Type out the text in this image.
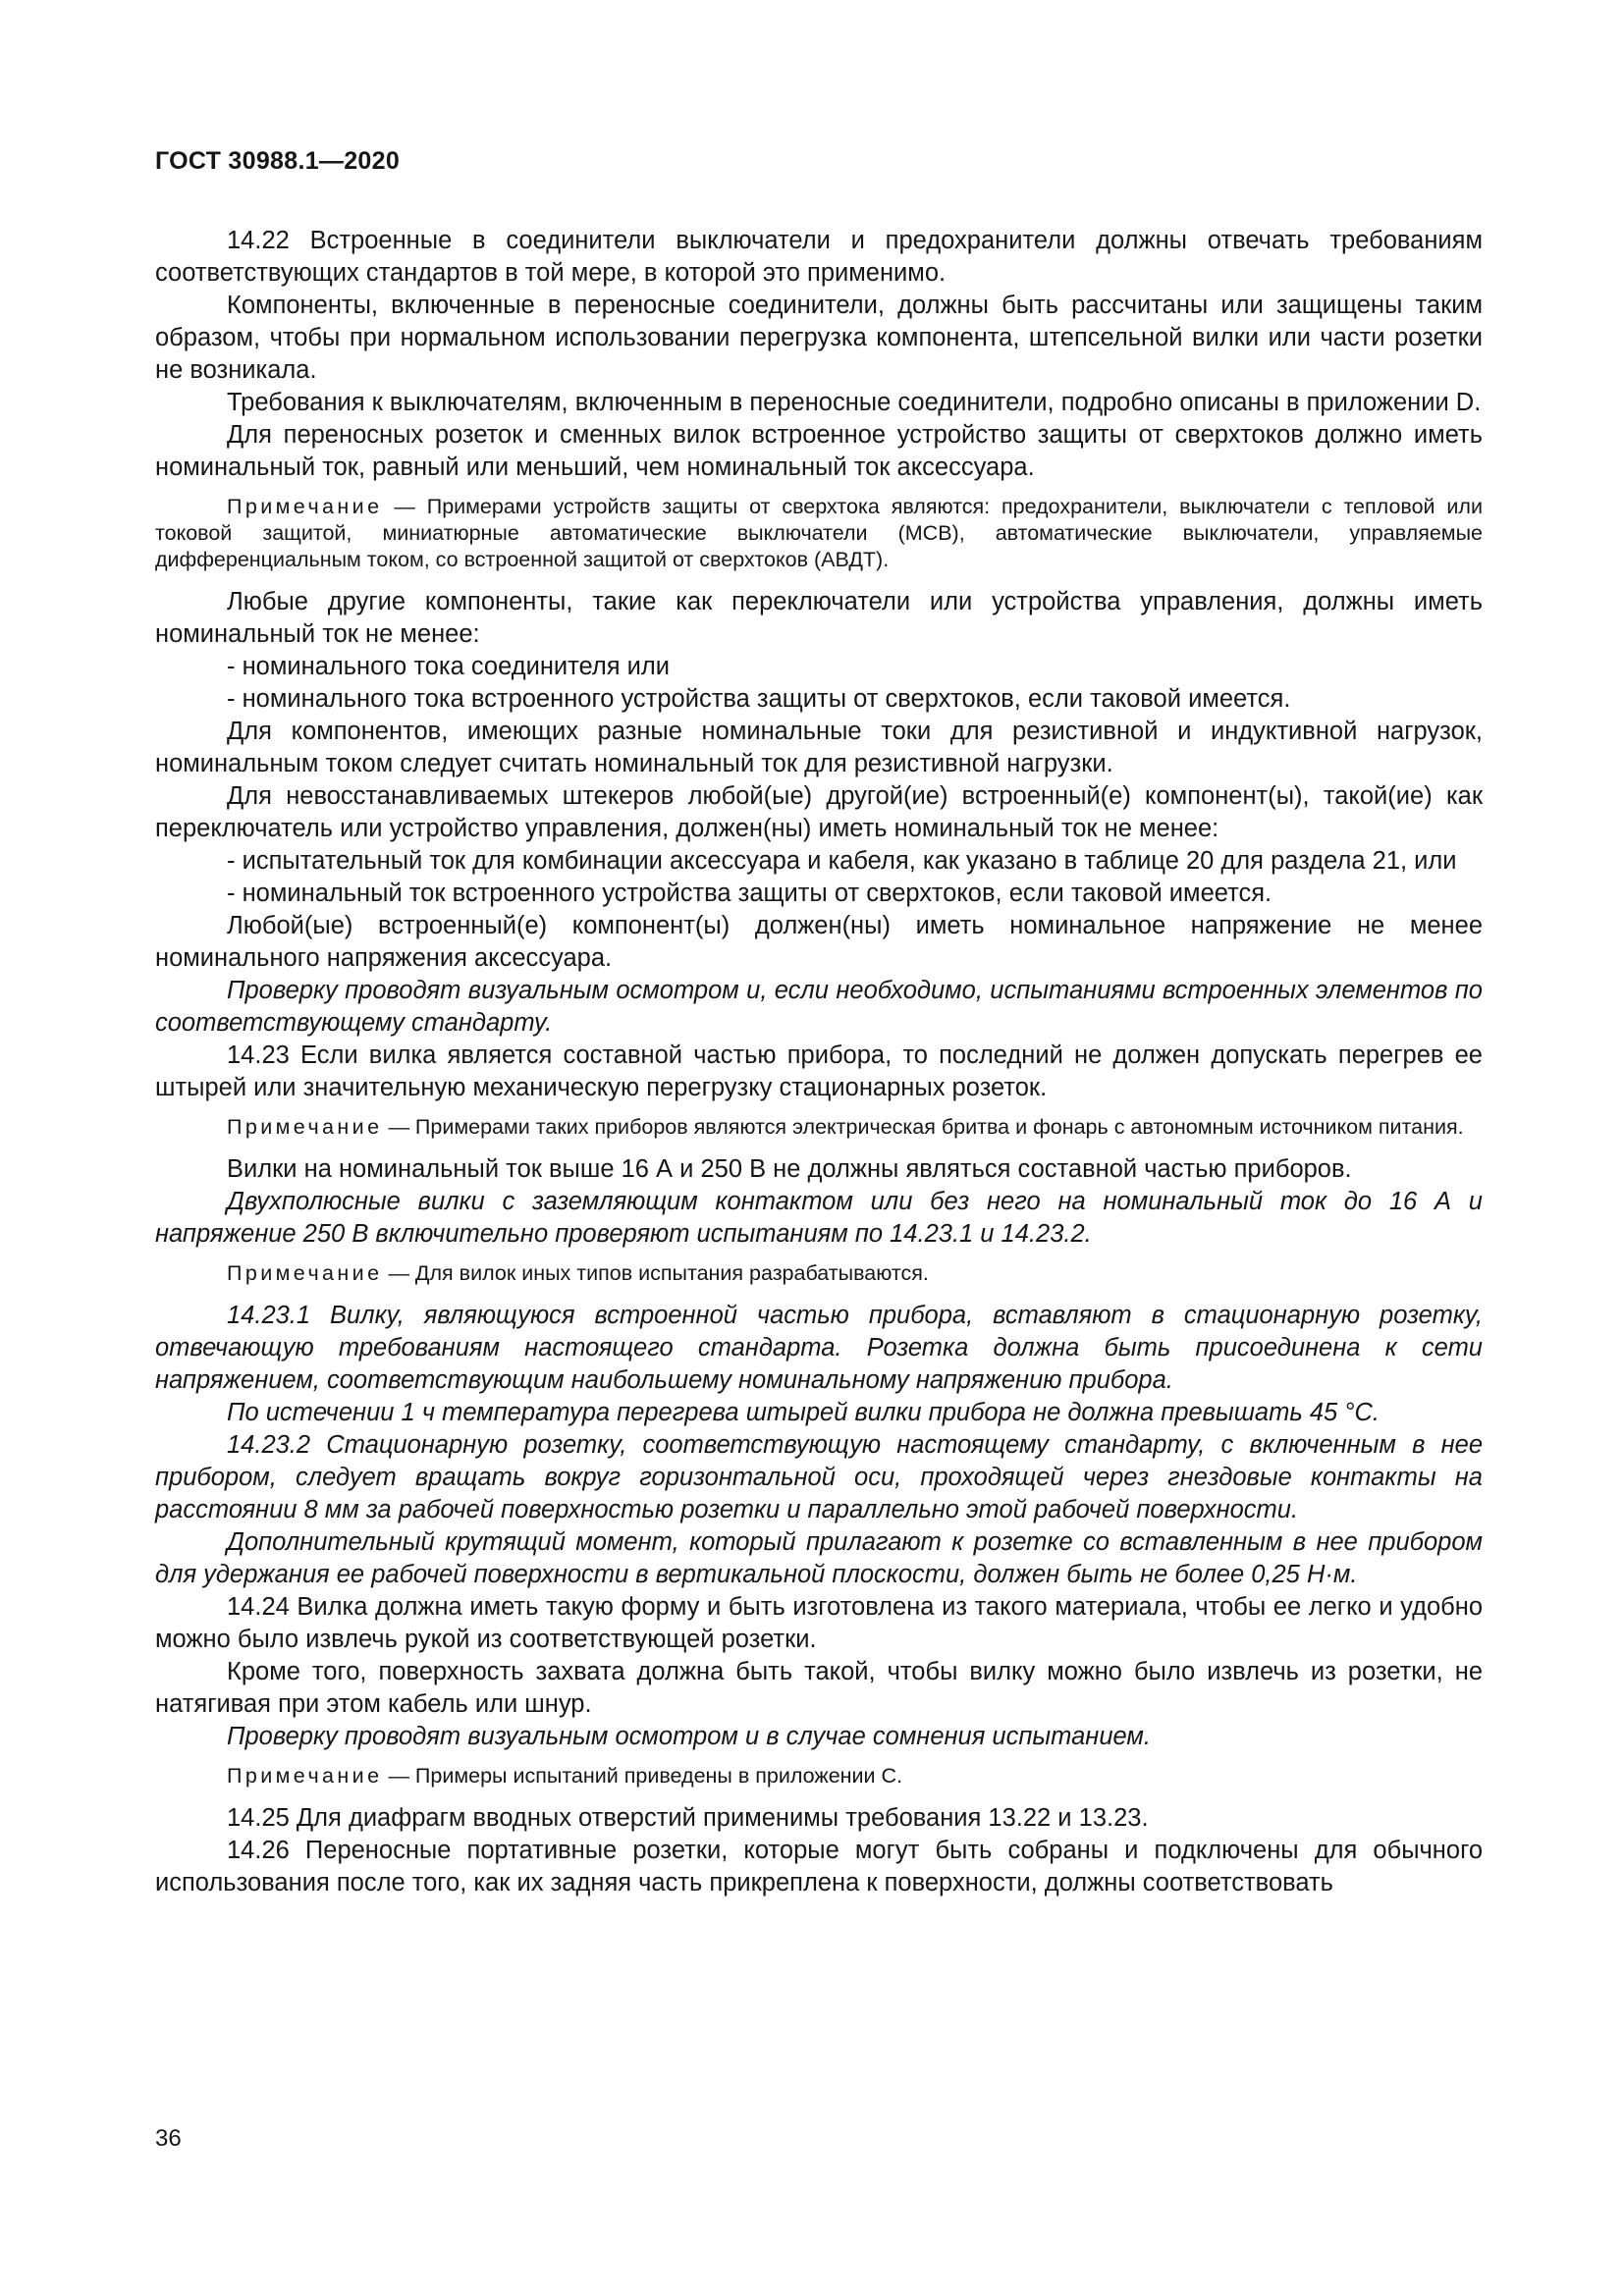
ГОСТ 30988.1—2020

14.22 Встроенные в соединители выключатели и предохранители должны отвечать требованиям соответствующих стандартов в той мере, в которой это применимо.

Компоненты, включенные в переносные соединители, должны быть рассчитаны или защищены таким образом, чтобы при нормальном использовании перегрузка компонента, штепсельной вилки или части розетки не возникала.

Требования к выключателям, включенным в переносные соединители, подробно описаны в приложении D.

Для переносных розеток и сменных вилок встроенное устройство защиты от сверхтоков должно иметь номинальный ток, равный или меньший, чем номинальный ток аксессуара.

Примечание — Примерами устройств защиты от сверхтока являются: предохранители, выключатели с тепловой или токовой защитой, миниатюрные автоматические выключатели (МСВ), автоматические выключатели, управляемые дифференциальным током, со встроенной защитой от сверхтоков (АВДТ).

Любые другие компоненты, такие как переключатели или устройства управления, должны иметь номинальный ток не менее:

- номинального тока соединителя или

- номинального тока встроенного устройства защиты от сверхтоков, если таковой имеется.

Для компонентов, имеющих разные номинальные токи для резистивной и индуктивной нагрузок, номинальным током следует считать номинальный ток для резистивной нагрузки.

Для невосстанавливаемых штекеров любой(ые) другой(ие) встроенный(е) компонент(ы), такой(ие) как переключатель или устройство управления, должен(ны) иметь номинальный ток не менее:

- испытательный ток для комбинации аксессуара и кабеля, как указано в таблице 20 для раздела 21, или

- номинальный ток встроенного устройства защиты от сверхтоков, если таковой имеется.

Любой(ые) встроенный(е) компонент(ы) должен(ны) иметь номинальное напряжение не менее номинального напряжения аксессуара.

Проверку проводят визуальным осмотром и, если необходимо, испытаниями встроенных элементов по соответствующему стандарту.

14.23 Если вилка является составной частью прибора, то последний не должен допускать перегрев ее штырей или значительную механическую перегрузку стационарных розеток.

Примечание — Примерами таких приборов являются электрическая бритва и фонарь с автономным источником питания.

Вилки на номинальный ток выше 16 А и 250 В не должны являться составной частью приборов.

Двухполюсные вилки с заземляющим контактом или без него на номинальный ток до 16 А и напряжение 250 В включительно проверяют испытаниям по 14.23.1 и 14.23.2.

Примечание — Для вилок иных типов испытания разрабатываются.

14.23.1 Вилку, являющуюся встроенной частью прибора, вставляют в стационарную розетку, отвечающую требованиям настоящего стандарта. Розетка должна быть присоединена к сети напряжением, соответствующим наибольшему номинальному напряжению прибора.

По истечении 1 ч температура перегрева штырей вилки прибора не должна превышать 45 °С.

14.23.2 Стационарную розетку, соответствующую настоящему стандарту, с включенным в нее прибором, следует вращать вокруг горизонтальной оси, проходящей через гнездовые контакты на расстоянии 8 мм за рабочей поверхностью розетки и параллельно этой рабочей поверхности.

Дополнительный крутящий момент, который прилагают к розетке со вставленным в нее прибором для удержания ее рабочей поверхности в вертикальной плоскости, должен быть не более 0,25 Н·м.

14.24 Вилка должна иметь такую форму и быть изготовлена из такого материала, чтобы ее легко и удобно можно было извлечь рукой из соответствующей розетки.

Кроме того, поверхность захвата должна быть такой, чтобы вилку можно было извлечь из розетки, не натягивая при этом кабель или шнур.

Проверку проводят визуальным осмотром и в случае сомнения испытанием.

Примечание — Примеры испытаний приведены в приложении С.

14.25 Для диафрагм вводных отверстий применимы требования 13.22 и 13.23.

14.26 Переносные портативные розетки, которые могут быть собраны и подключены для обычного использования после того, как их задняя часть прикреплена к поверхности, должны соответствовать

36
